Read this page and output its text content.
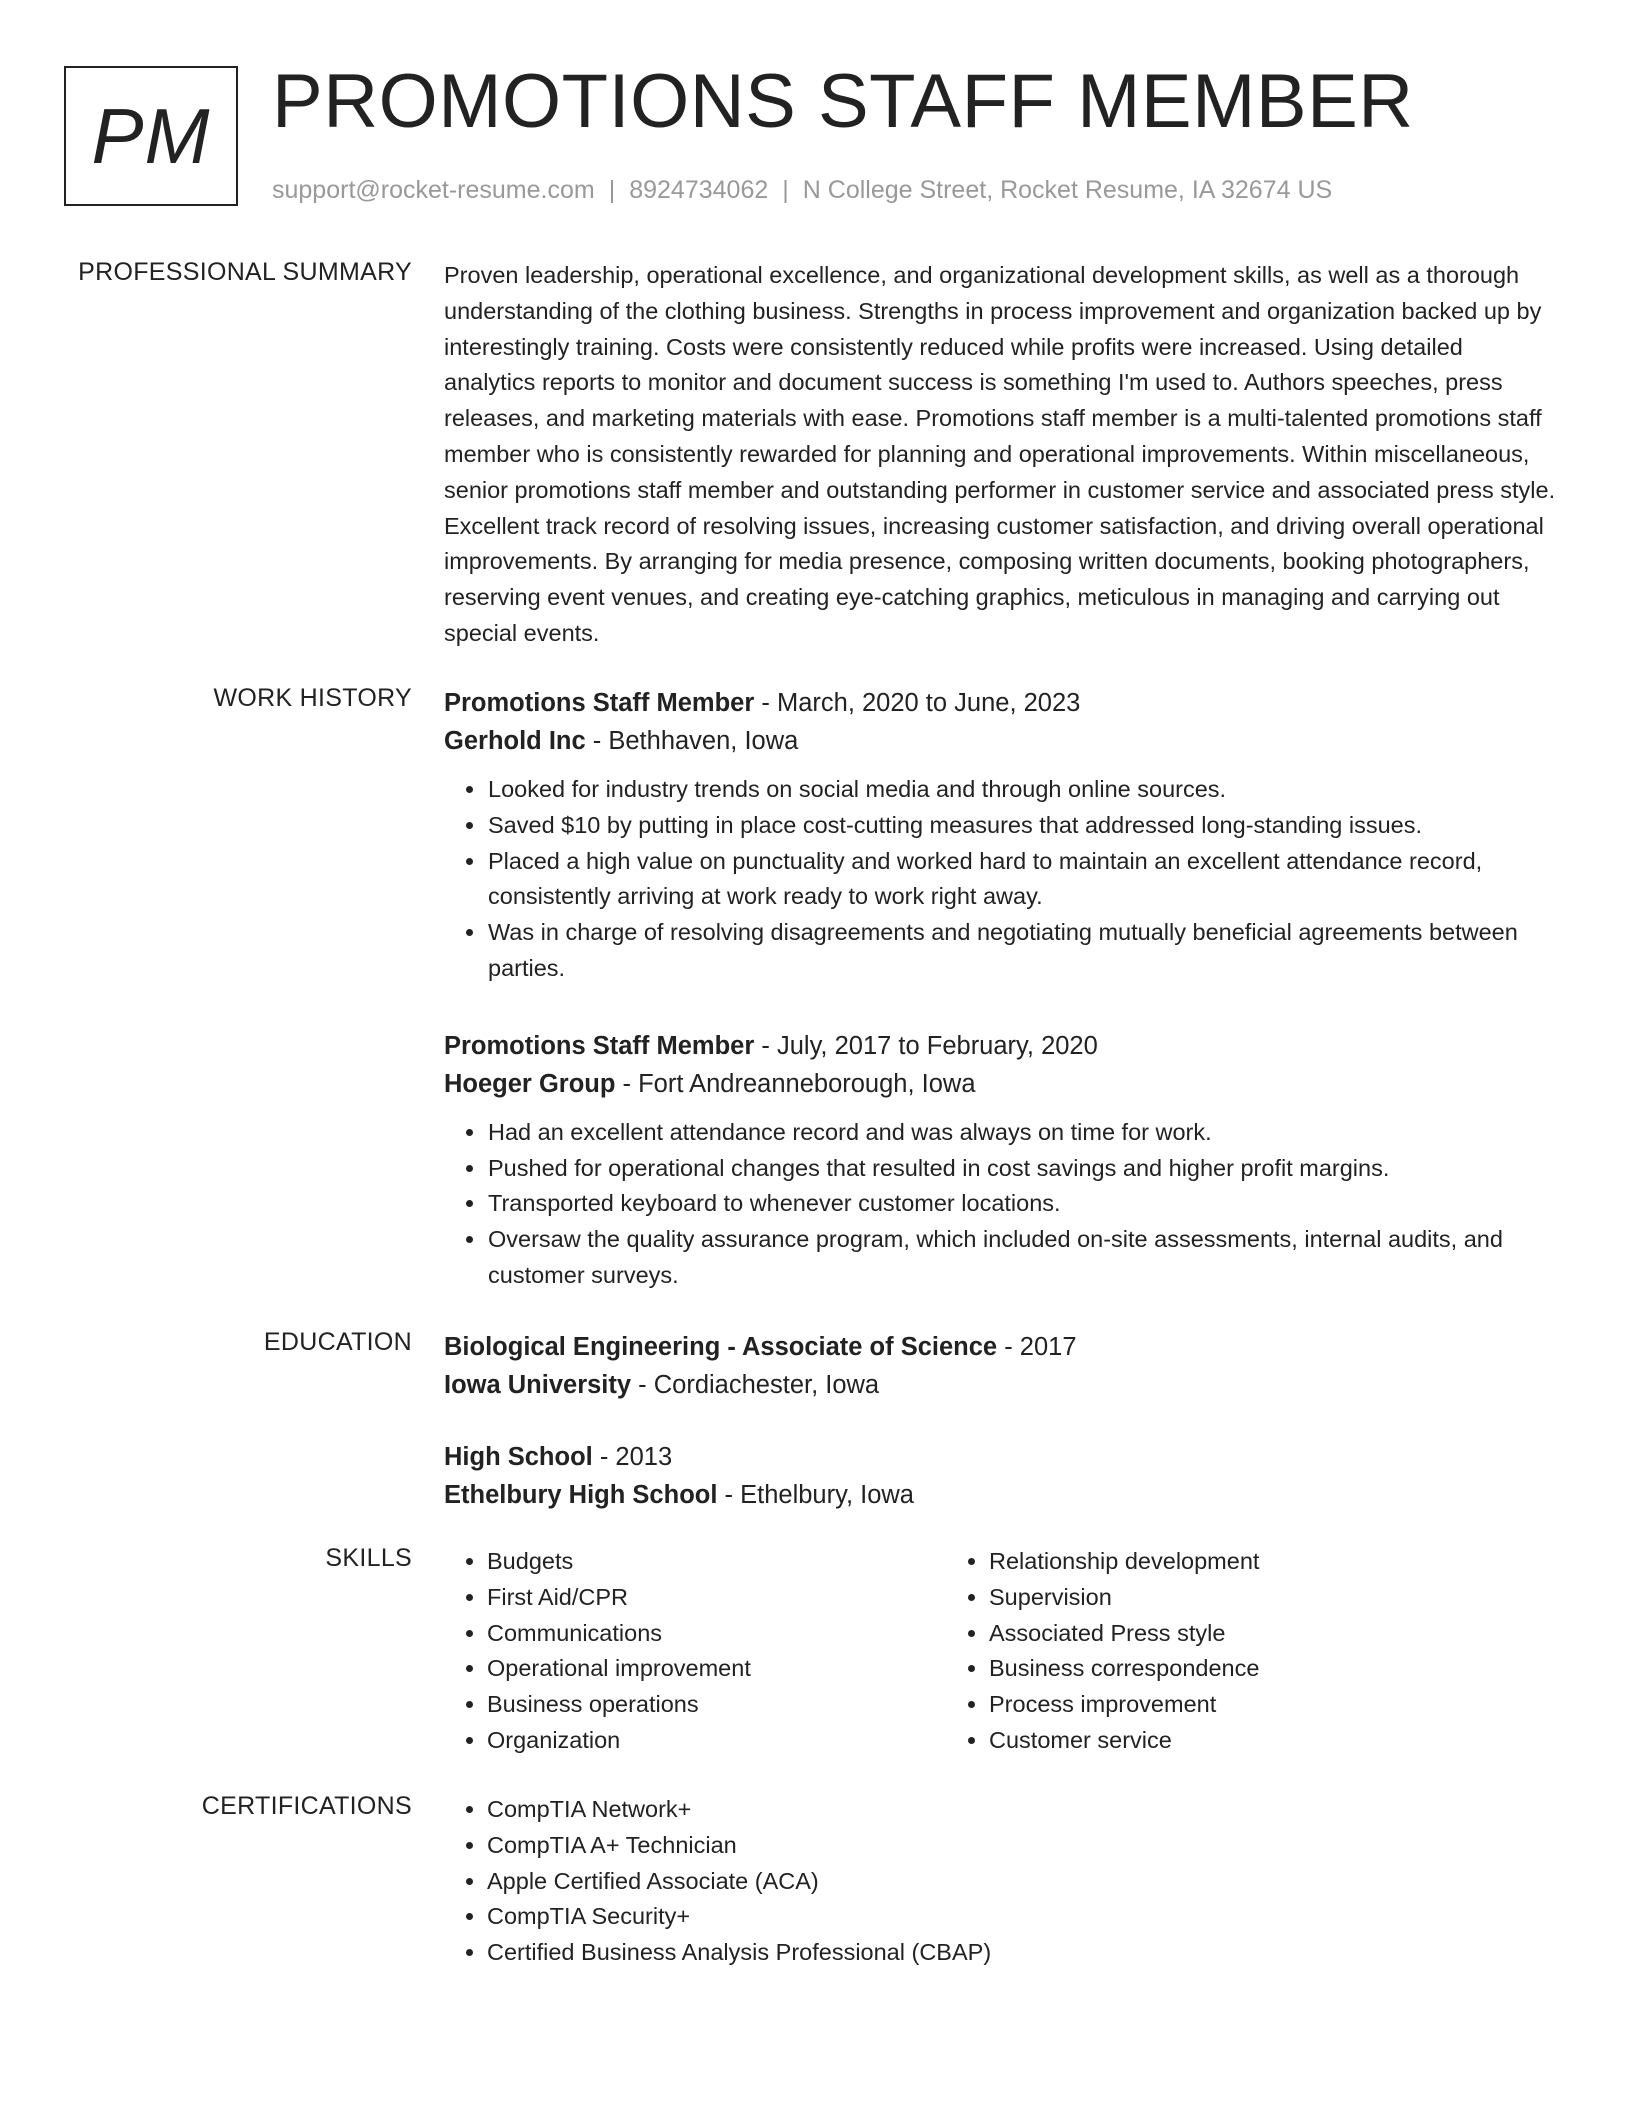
PM PROMOTIONS STAFF MEMBER
support@rocket-resume.com | 8924734062 | N College Street, Rocket Resume, IA 32674 US
PROFESSIONAL SUMMARY Proven leadership, operational excellence, and organizational development skills, as well as a thorough understanding of the clothing business. Strengths in process improvement and organization backed up by interestingly training. Costs were consistently reduced while profits were increased. Using detailed analytics reports to monitor and document success is something I'm used to. Authors speeches, press releases, and marketing materials with ease. Promotions staff member is a multi-talented promotions staff member who is consistently rewarded for planning and operational improvements. Within miscellaneous, senior promotions staff member and outstanding performer in customer service and associated press style. Excellent track record of resolving issues, increasing customer satisfaction, and driving overall operational improvements. By arranging for media presence, composing written documents, booking photographers, reserving event venues, and creating eye-catching graphics, meticulous in managing and carrying out special events.

WORK HISTORY Promotions Staff Member - March, 2020 to June, 2023
Gerhold Inc - Bethhaven, Iowa
• Looked for industry trends on social media and through online sources.
• Saved $10 by putting in place cost-cutting measures that addressed long-standing issues.
• Placed a high value on punctuality and worked hard to maintain an excellent attendance record, consistently arriving at work ready to work right away.
• Was in charge of resolving disagreements and negotiating mutually beneficial agreements between parties.
Promotions Staff Member - July, 2017 to February, 2020
Hoeger Group - Fort Andreanneborough, Iowa
• Had an excellent attendance record and was always on time for work.
• Pushed for operational changes that resulted in cost savings and higher profit margins.
• Transported keyboard to whenever customer locations.
• Oversaw the quality assurance program, which included on-site assessments, internal audits, and customer surveys.
EDUCATION Biological Engineering - Associate of Science - 2017
Iowa University - Cordiachester, Iowa
High School - 2013
Ethelbury High School - Ethelbury, Iowa
SKILLS	• Budgets
• First Aid/CPR
• Communications
• Operational improvement
• Business operations
• Organization
• Relationship development
• Supervision
• Associated Press style
• Business correspondence
• Process improvement
• Customer service
CERTIFICATIONS	• CompTIA Network+
• CompTIA A+ Technician
• Apple Certified Associate (ACA)
• CompTIA Security+
• Certified Business Analysis Professional (CBAP)
